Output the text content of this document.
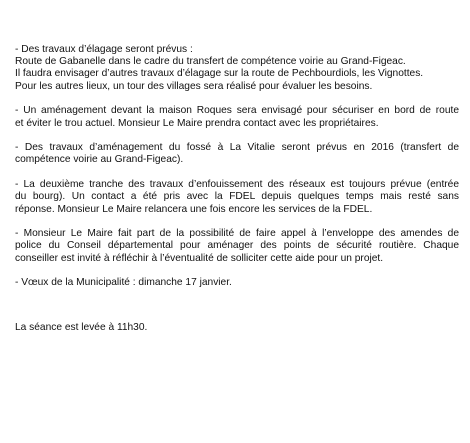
- Des travaux d’élagage seront prévus :
Route de Gabanelle dans le cadre du transfert de compétence voirie au Grand-Figeac.
Il faudra envisager d’autres travaux d’élagage sur la route de Pechbourdiols, les Vignottes.
Pour les autres lieux, un tour des villages sera réalisé pour évaluer les besoins.
- Un aménagement devant la maison Roques sera envisagé pour sécuriser en bord de route
et éviter le trou actuel. Monsieur Le Maire prendra contact avec les propriétaires.
- Des travaux d’aménagement du fossé à La Vitalie seront prévus en 2016 (transfert de
compétence voirie au Grand-Figeac).
- La deuxième tranche des travaux d’enfouissement des réseaux est toujours prévue (entrée
du bourg). Un contact a été pris avec la FDEL depuis quelques temps mais resté sans
réponse. Monsieur Le Maire relancera une fois encore les services de la FDEL.
- Monsieur Le Maire fait part de la possibilité de faire appel à l’enveloppe des amendes de
police du Conseil départemental pour aménager des points de sécurité routière. Chaque
conseiller est invité à réfléchir à l’éventualité de solliciter cette aide pour un projet.
- Vœux de la Municipalité : dimanche 17 janvier.
La séance est levée à 11h30.
